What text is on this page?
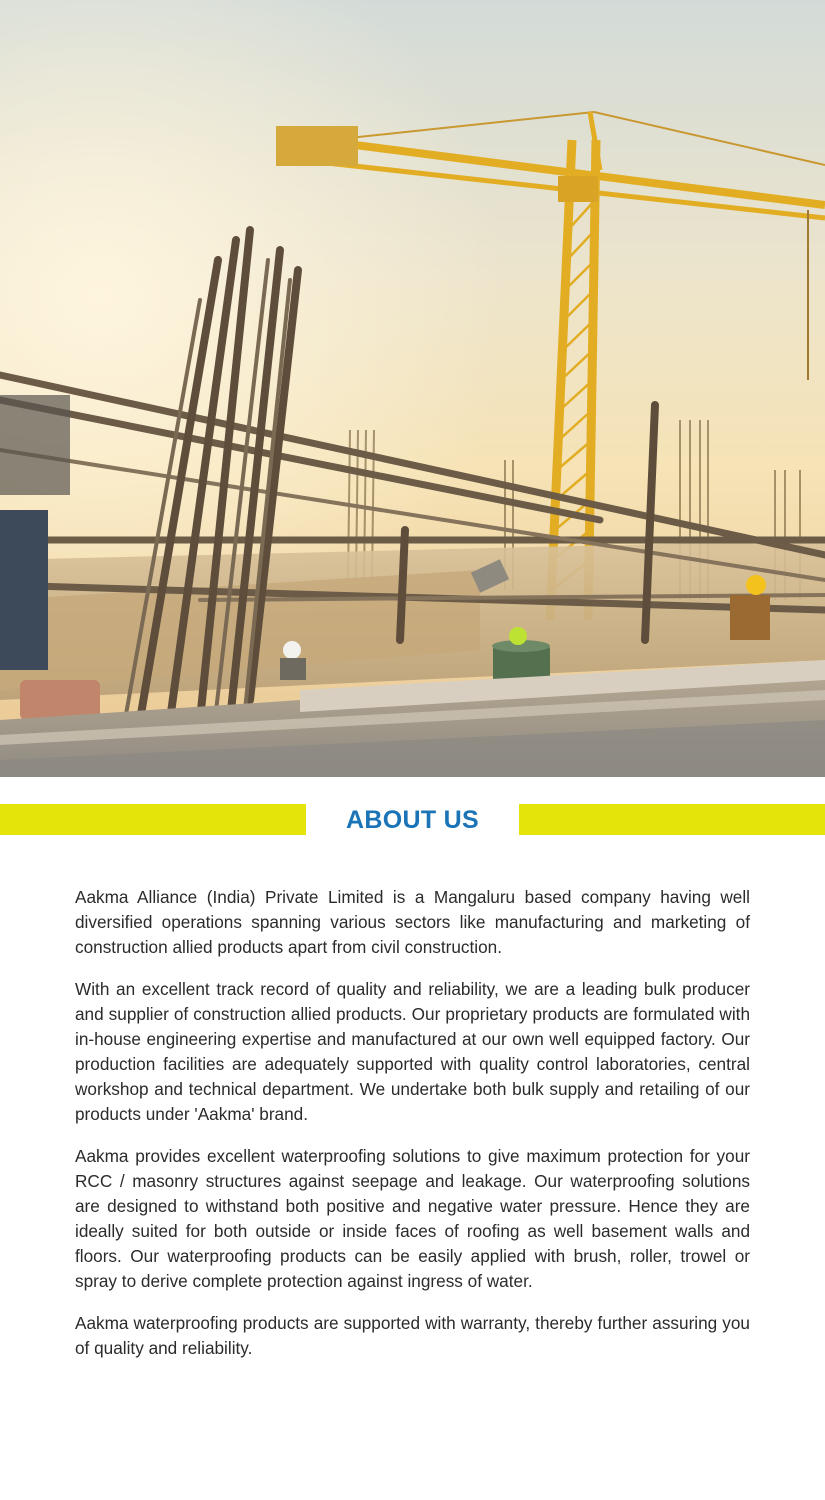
ABOUT US

Aakma Alliance (India) Private Limited is a Mangaluru based company having well diversified operations spanning various sectors like manufacturing and marketing of construction allied products apart from civil construction.

With an excellent track record of quality and reliability, we are a leading bulk producer and supplier of construction allied products. Our proprietary products are formulated with in-house engineering expertise and manufactured at our own well equipped factory. Our production facilities are adequately supported with quality control laboratories, central workshop and technical department. We undertake both bulk supply and retailing of our products under 'Aakma' brand.

Aakma provides excellent waterproofing solutions to give maximum protection for your RCC / masonry structures against seepage and leakage. Our waterproofing solutions are designed to withstand both positive and negative water pressure. Hence they are ideally suited for both outside or inside faces of roofing as well basement walls and floors. Our waterproofing products can be easily applied with brush, roller, trowel or spray to derive complete protection against ingress of water.

Aakma waterproofing products are supported with warranty, thereby further assuring you of quality and reliability.
